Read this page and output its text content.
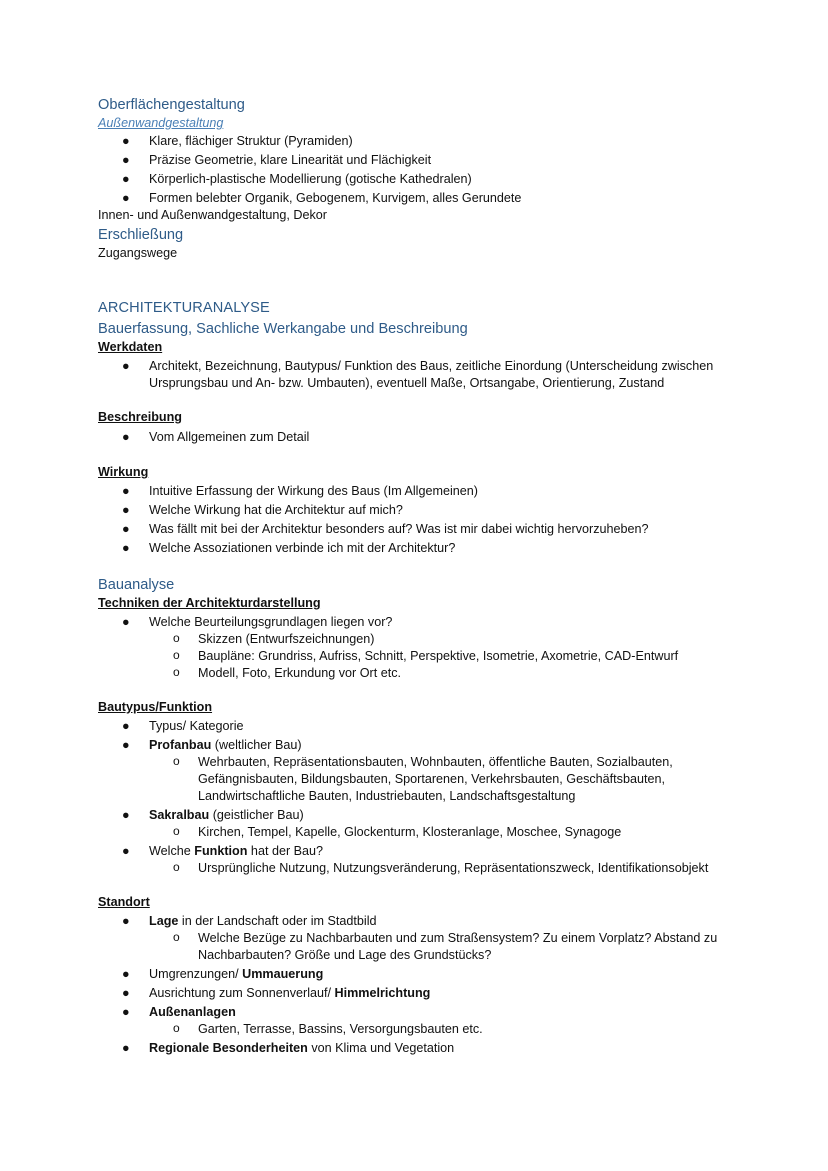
Oberflächengestaltung

Außenwandgestaltung

● Klare, flächiger Struktur (Pyramiden)
● Präzise Geometrie, klare Linearität und Flächigkeit
● Körperlich-plastische Modellierung (gotische Kathedralen)
● Formen belebter Organik, Gebogenem, Kurvigem, alles Gerundete

Innen- und Außenwandgestaltung, Dekor

Erschließung

Zugangswege

ARCHITEKTURANALYSE
Bauerfassung, Sachliche Werkangabe und Beschreibung

Werkdaten

● Architekt, Bezeichnung, Bautypus/ Funktion des Baus, zeitliche Einordung (Unterscheidung zwischen Ursprungsbau und An- bzw. Umbauten), eventuell Maße, Ortsangabe, Orientierung, Zustand

Beschreibung

● Vom Allgemeinen zum Detail

Wirkung

● Intuitive Erfassung der Wirkung des Baus (Im Allgemeinen)
● Welche Wirkung hat die Architektur auf mich?
● Was fällt mit bei der Architektur besonders auf? Was ist mir dabei wichtig hervorzuheben?
● Welche Assoziationen verbinde ich mit der Architektur?
Bauanalyse

Techniken der Architekturdarstellung

● Welche Beurteilungsgrundlagen liegen vor?
o Skizzen (Entwurfszeichnungen)
o Baupläne: Grundriss, Aufriss, Schnitt, Perspektive, Isometrie, Axometrie, CAD-Entwurf
o Modell, Foto, Erkundung vor Ort etc.

Bautypus/Funktion

● Typus/ Kategorie
● Profanbau (weltlicher Bau)
o Wehrbauten, Repräsentationsbauten, Wohnbauten, öffentliche Bauten, Sozialbauten, Gefängnisbauten, Bildungsbauten, Sportarenen, Verkehrsbauten, Geschäftsbauten, Landwirtschaftliche Bauten, Industriebauten, Landschaftsgestaltung
● Sakralbau (geistlicher Bau)
o Kirchen, Tempel, Kapelle, Glockenturm, Klosteranlage, Moschee, Synagoge
● Welche Funktion hat der Bau?
o Ursprüngliche Nutzung, Nutzungsveränderung, Repräsentationszweck, Identifikationsobjekt

Standort

● Lage in der Landschaft oder im Stadtbild
o Welche Bezüge zu Nachbarbauten und zum Straßensystem? Zu einem Vorplatz? Abstand zu Nachbarbauten? Größe und Lage des Grundstücks?
● Umgrenzungen/ Ummauerung
● Ausrichtung zum Sonnenverlauf/ Himmelrichtung
● Außenanlagen
o Garten, Terrasse, Bassins, Versorgungsbauten etc.
● Regionale Besonderheiten von Klima und Vegetation
